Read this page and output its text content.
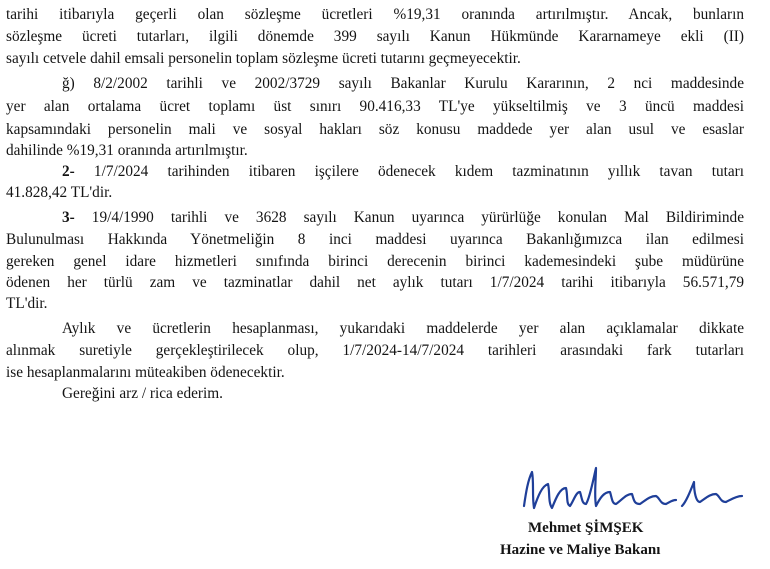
tarihi itibarıyla geçerli olan sözleşme ücretleri %19,31 oranında artırılmıştır. Ancak, bunların
sözleşme ücreti tutarları, ilgili dönemde 399 sayılı Kanun Hükmünde Kararnameye ekli (II)
sayılı cetvele dahil emsali personelin toplam sözleşme ücreti tutarını geçmeyecektir.
ğ) 8/2/2002 tarihli ve 2002/3729 sayılı Bakanlar Kurulu Kararının, 2 nci maddesinde
yer alan ortalama ücret toplamı üst sınırı 90.416,33 TL'ye yükseltilmiş ve 3 üncü maddesi
kapsamındaki personelin mali ve sosyal hakları söz konusu maddede yer alan usul ve esaslar
dahilinde %19,31 oranında artırılmıştır.
2- 1/7/2024 tarihinden itibaren işçilere ödenecek kıdem tazminatının yıllık tavan tutarı
41.828,42 TL'dir.
3- 19/4/1990 tarihli ve 3628 sayılı Kanun uyarınca yürürlüğe konulan Mal Bildiriminde
Bulunulması Hakkında Yönetmeliğin 8 inci maddesi uyarınca Bakanlığımızca ilan edilmesi
gereken genel idare hizmetleri sınıfında birinci derecenin birinci kademesindeki şube müdürüne
ödenen her türlü zam ve tazminatlar dahil net aylık tutarı 1/7/2024 tarihi itibarıyla 56.571,79
TL'dir.
Aylık ve ücretlerin hesaplanması, yukarıdaki maddelerde yer alan açıklamalar dikkate
alınmak suretiyle gerçekleştirilecek olup, 1/7/2024-14/7/2024 tarihleri arasındaki fark tutarları
ise hesaplanmalarını müteakiben ödenecektir.
Gereğini arz / rica ederim.
Mehmet ŞİMŞEK
Hazine ve Maliye Bakanı
